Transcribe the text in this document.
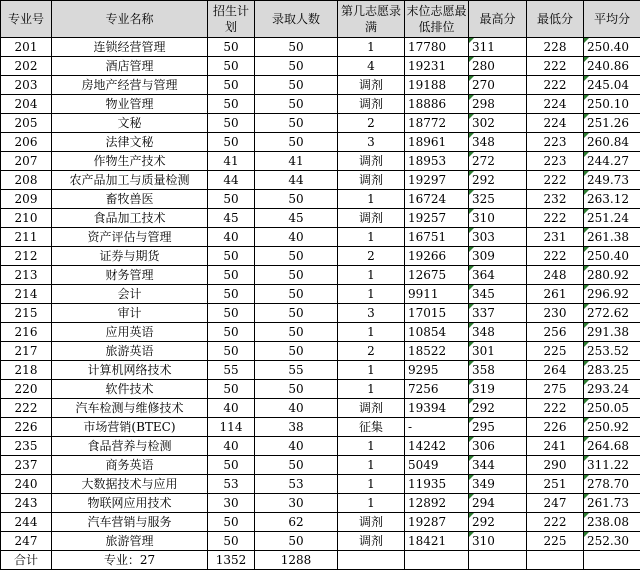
专业号	专业名称	招生计划	录取人数	第几志愿录满	末位志愿最低排位	最高分	最低分	平均分
201	连锁经营管理	50	50	1	17780	311	228	250.40
202	酒店管理	50	50	4	19231	280	222	240.86
203	房地产经营与管理	50	50	调剂	19188	270	222	245.04
204	物业管理	50	50	调剂	18886	298	224	250.10
205	文秘	50	50	2	18772	302	224	251.26
206	法律文秘	50	50	3	18961	348	223	260.84
207	作物生产技术	41	41	调剂	18953	272	223	244.27
208	农产品加工与质量检测	44	44	调剂	19297	292	222	249.73
209	畜牧兽医	50	50	1	16724	325	232	263.12
210	食品加工技术	45	45	调剂	19257	310	222	251.24
211	资产评估与管理	40	40	1	16751	303	231	261.38
212	证券与期货	50	50	2	19266	309	222	250.40
213	财务管理	50	50	1	12675	364	248	280.92
214	会计	50	50	1	9911	345	261	296.92
215	审计	50	50	3	17015	337	230	272.62
216	应用英语	50	50	1	10854	348	256	291.38
217	旅游英语	50	50	2	18522	301	225	253.52
218	计算机网络技术	55	55	1	9295	358	264	283.25
220	软件技术	50	50	1	7256	319	275	293.24
222	汽车检测与维修技术	40	40	调剂	19394	292	222	250.05
226	市场营销(BTEC)	114	38	征集	-	295	226	250.92
235	食品营养与检测	40	40	1	14242	306	241	264.68
237	商务英语	50	50	1	5049	344	290	311.22
240	大数据技术与应用	53	53	1	11935	349	251	278.70
243	物联网应用技术	30	30	1	12892	294	247	261.73
244	汽车营销与服务	50	62	调剂	19287	292	222	238.08
247	旅游管理	50	50	调剂	18421	310	225	252.30
合计	专业：27	1352	1288					
